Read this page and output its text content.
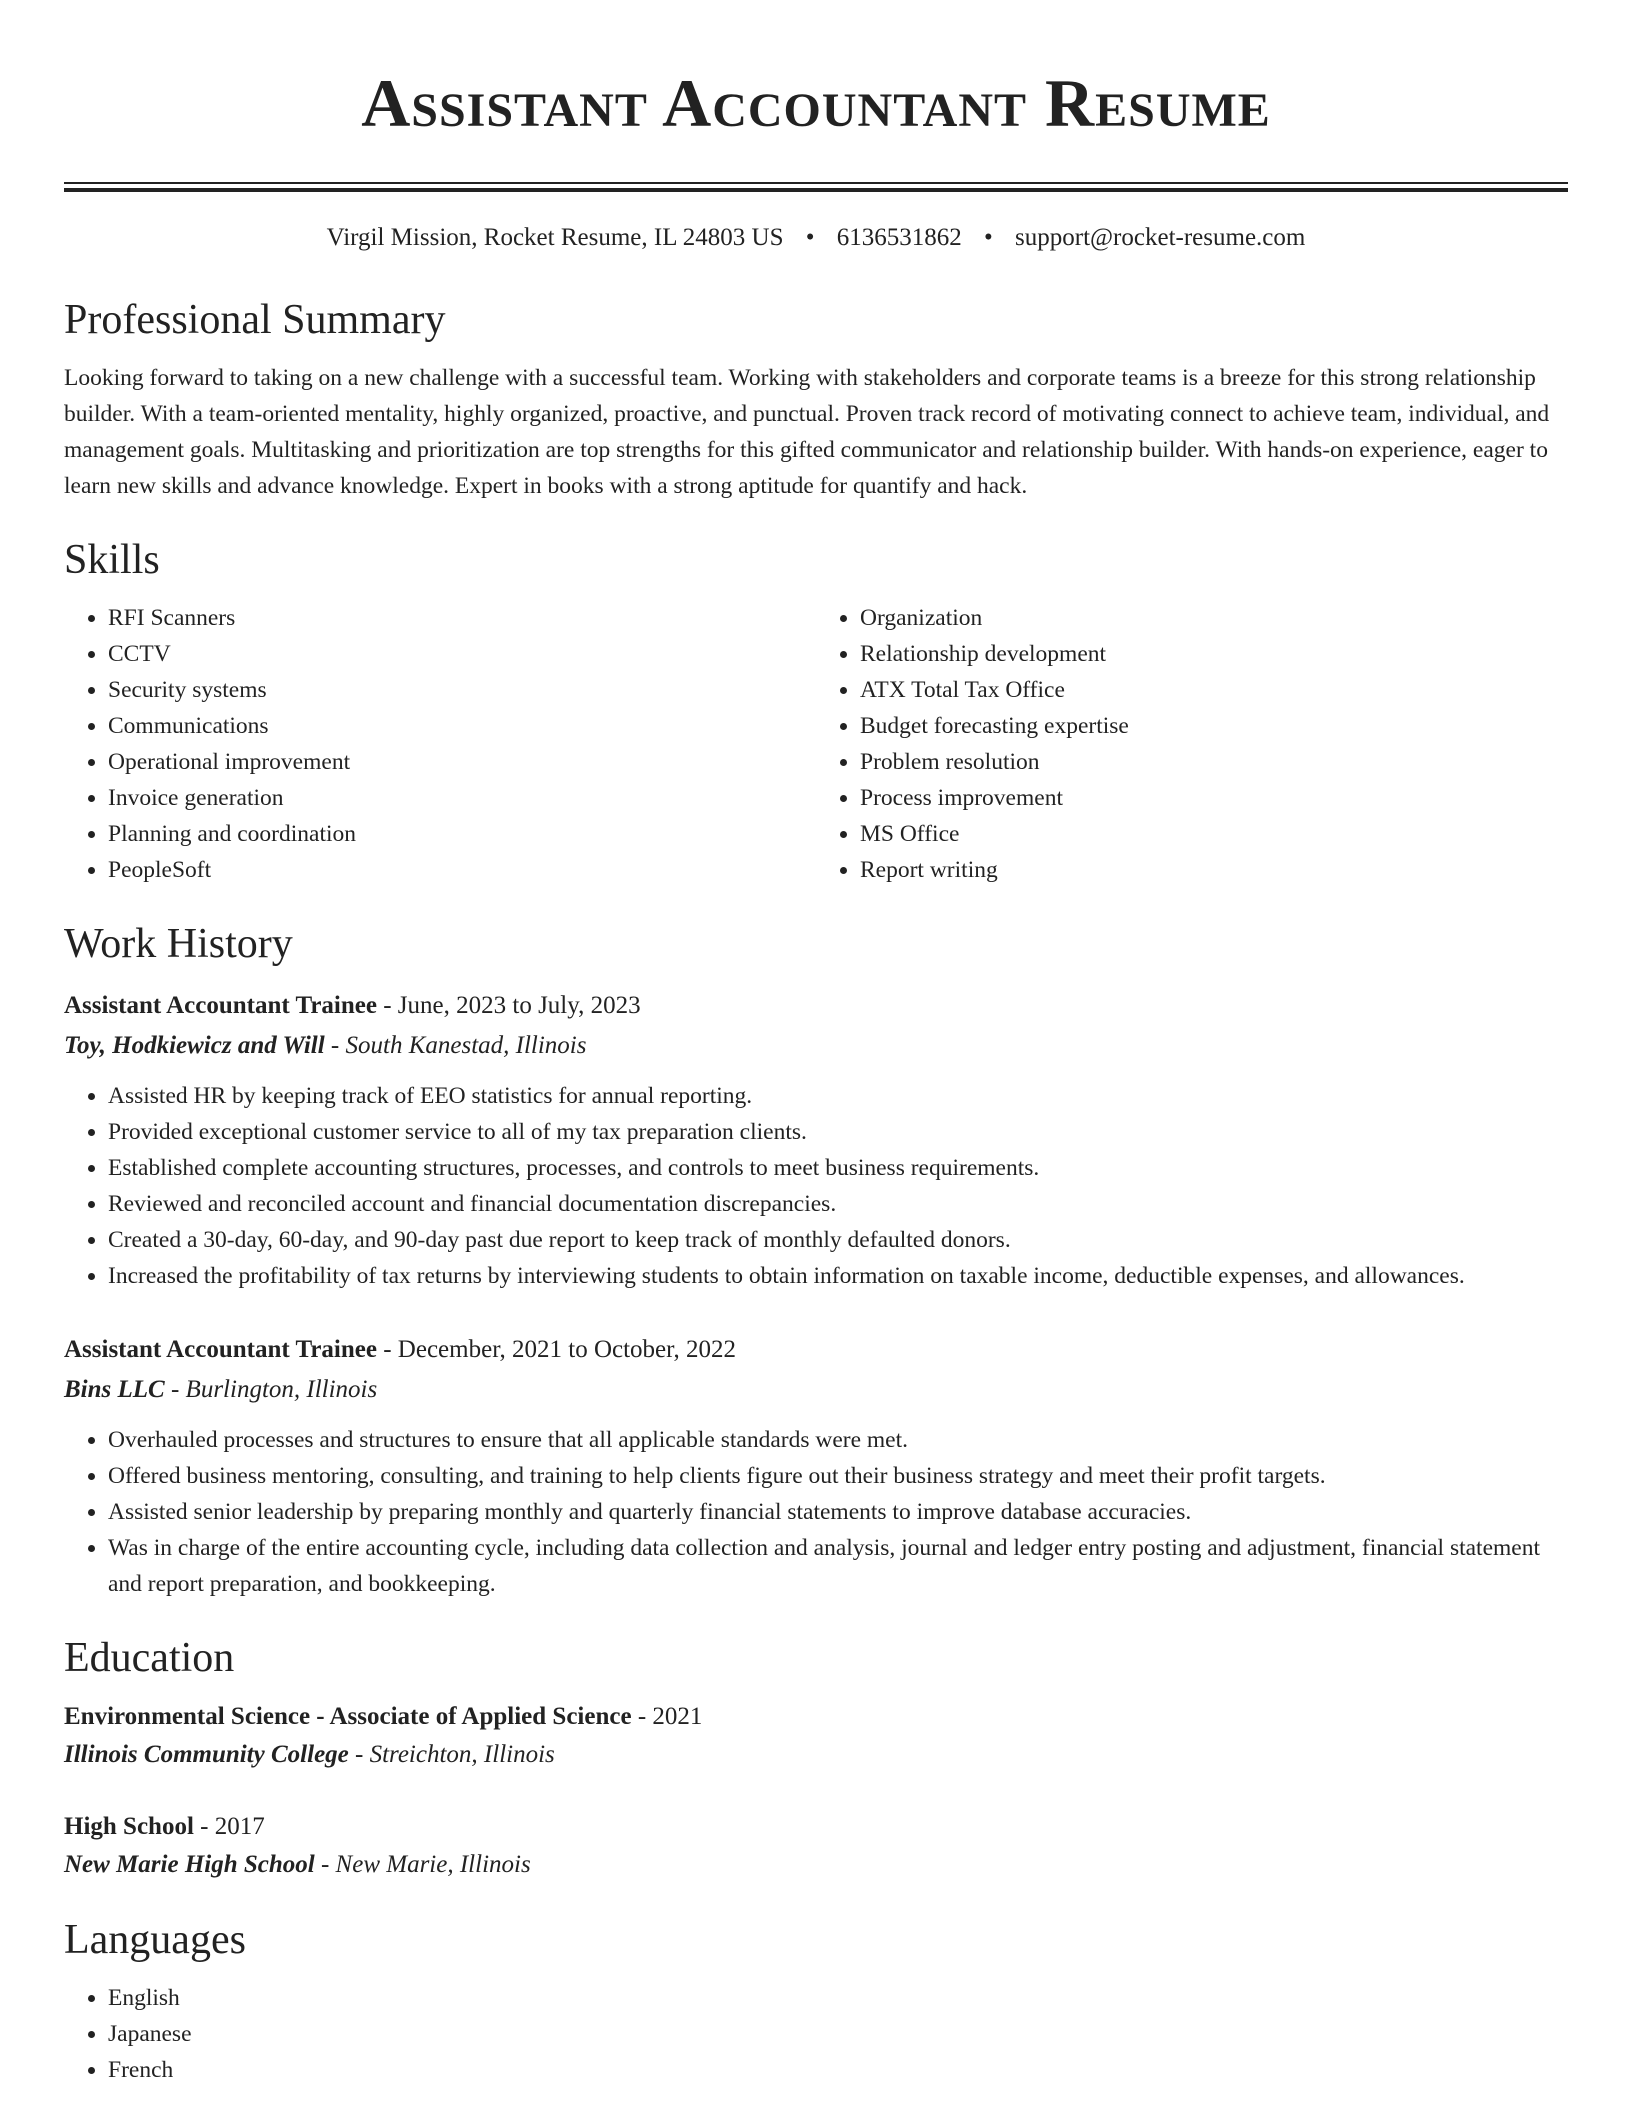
Assistant Accountant Resume
Virgil Mission, Rocket Resume, IL 24803 US • 6136531862 • support@rocket-resume.com
Professional Summary

Looking forward to taking on a new challenge with a successful team. Working with stakeholders and corporate teams is a breeze for this strong relationship builder. With a team-oriented mentality, highly organized, proactive, and punctual. Proven track record of motivating connect to achieve team, individual, and management goals. Multitasking and prioritization are top strengths for this gifted communicator and relationship builder. With hands-on experience, eager to learn new skills and advance knowledge. Expert in books with a strong aptitude for quantify and hack.

Skills
• RFI Scanners
• CCTV
• Security systems
• Communications
• Operational improvement
• Invoice generation
• Planning and coordination
• PeopleSoft
• Organization
• Relationship development
• ATX Total Tax Office
• Budget forecasting expertise
• Problem resolution
• Process improvement
• MS Office
• Report writing
Work History
Assistant Accountant Trainee - June, 2023 to July, 2023
Toy, Hodkiewicz and Will - South Kanestad, Illinois
• Assisted HR by keeping track of EEO statistics for annual reporting.
• Provided exceptional customer service to all of my tax preparation clients.
• Established complete accounting structures, processes, and controls to meet business requirements.
• Reviewed and reconciled account and financial documentation discrepancies.
• Created a 30-day, 60-day, and 90-day past due report to keep track of monthly defaulted donors.
• Increased the profitability of tax returns by interviewing students to obtain information on taxable income, deductible expenses, and allowances.
Assistant Accountant Trainee - December, 2021 to October, 2022
Bins LLC - Burlington, Illinois
• Overhauled processes and structures to ensure that all applicable standards were met.
• Offered business mentoring, consulting, and training to help clients figure out their business strategy and meet their profit targets.
• Assisted senior leadership by preparing monthly and quarterly financial statements to improve database accuracies.
• Was in charge of the entire accounting cycle, including data collection and analysis, journal and ledger entry posting and adjustment, financial statement and report preparation, and bookkeeping.
Education
Environmental Science - Associate of Applied Science - 2021
Illinois Community College - Streichton, Illinois
High School - 2017
New Marie High School - New Marie, Illinois
Languages
• English
• Japanese
• French
